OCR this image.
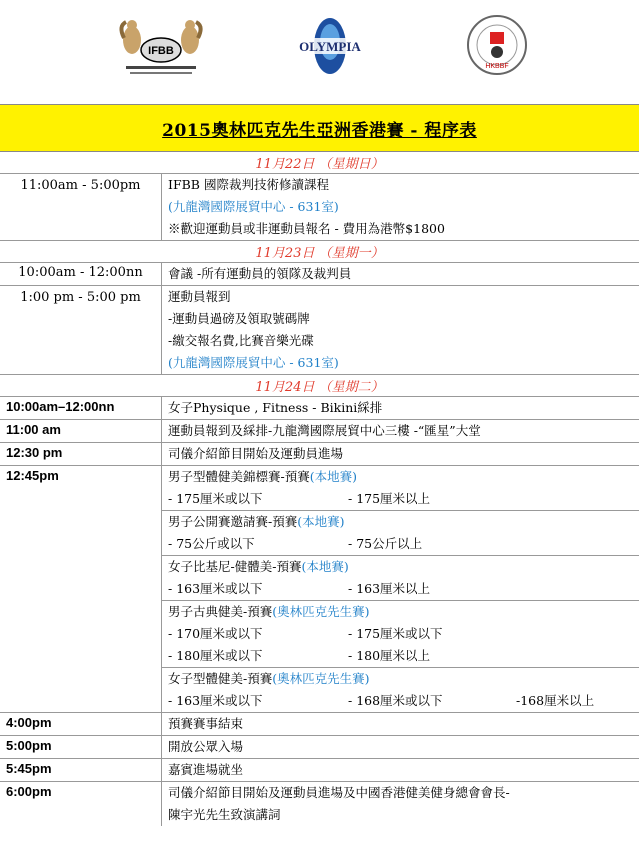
IFBB	OLYMPIA
HKBBF
2015奧林匹克先生亞洲香港賽 - 程序表
11月22日 （星期日）
11:00am - 5:00pm	IFBB 國際裁判技術修讀課程
(九龍灣國際展貿中心 - 631室)
※歡迎運動員或非運動員報名 - 費用為港幣$1800
11月23日 （星期一）
10:00am - 12:00nn	會議 -所有運動員的領隊及裁判員
1:00 pm - 5:00 pm	運動員報到
-運動員過磅及領取號碼牌
-繳交報名費,比賽音樂光碟
(九龍灣國際展貿中心 - 631室)
11月24日 （星期二）
10:00am–12:00nn	女子Physique , Fitness - Bikini綵排
11:00 am	運動員報到及綵排-九龍灣國際展貿中心三樓 -“匯星”大堂
12:30 pm	司儀介紹節目開始及運動員進場
12:45pm	男子型體健美錦標賽-預賽(本地賽)
- 175厘米或以下	- 175厘米以上
男子公開賽邀請賽-預賽(本地賽)
- 75公斤或以下	- 75公斤以上
女子比基尼-健體美-預賽(本地賽)
- 163厘米或以下	- 163厘米以上
男子古典健美-預賽(奧林匹克先生賽)
- 170厘米或以下	- 175厘米或以下
- 180厘米或以下	- 180厘米以上
女子型體健美-預賽(奧林匹克先生賽)
- 163厘米或以下	- 168厘米或以下	-168厘米以上
4:00pm	預賽賽事結束
5:00pm	開放公眾入場
5:45pm	嘉賓進場就坐
6:00pm	司儀介紹節目開始及運動員進場及中國香港健美健身總會會長-
陳宇光先生致演講詞
